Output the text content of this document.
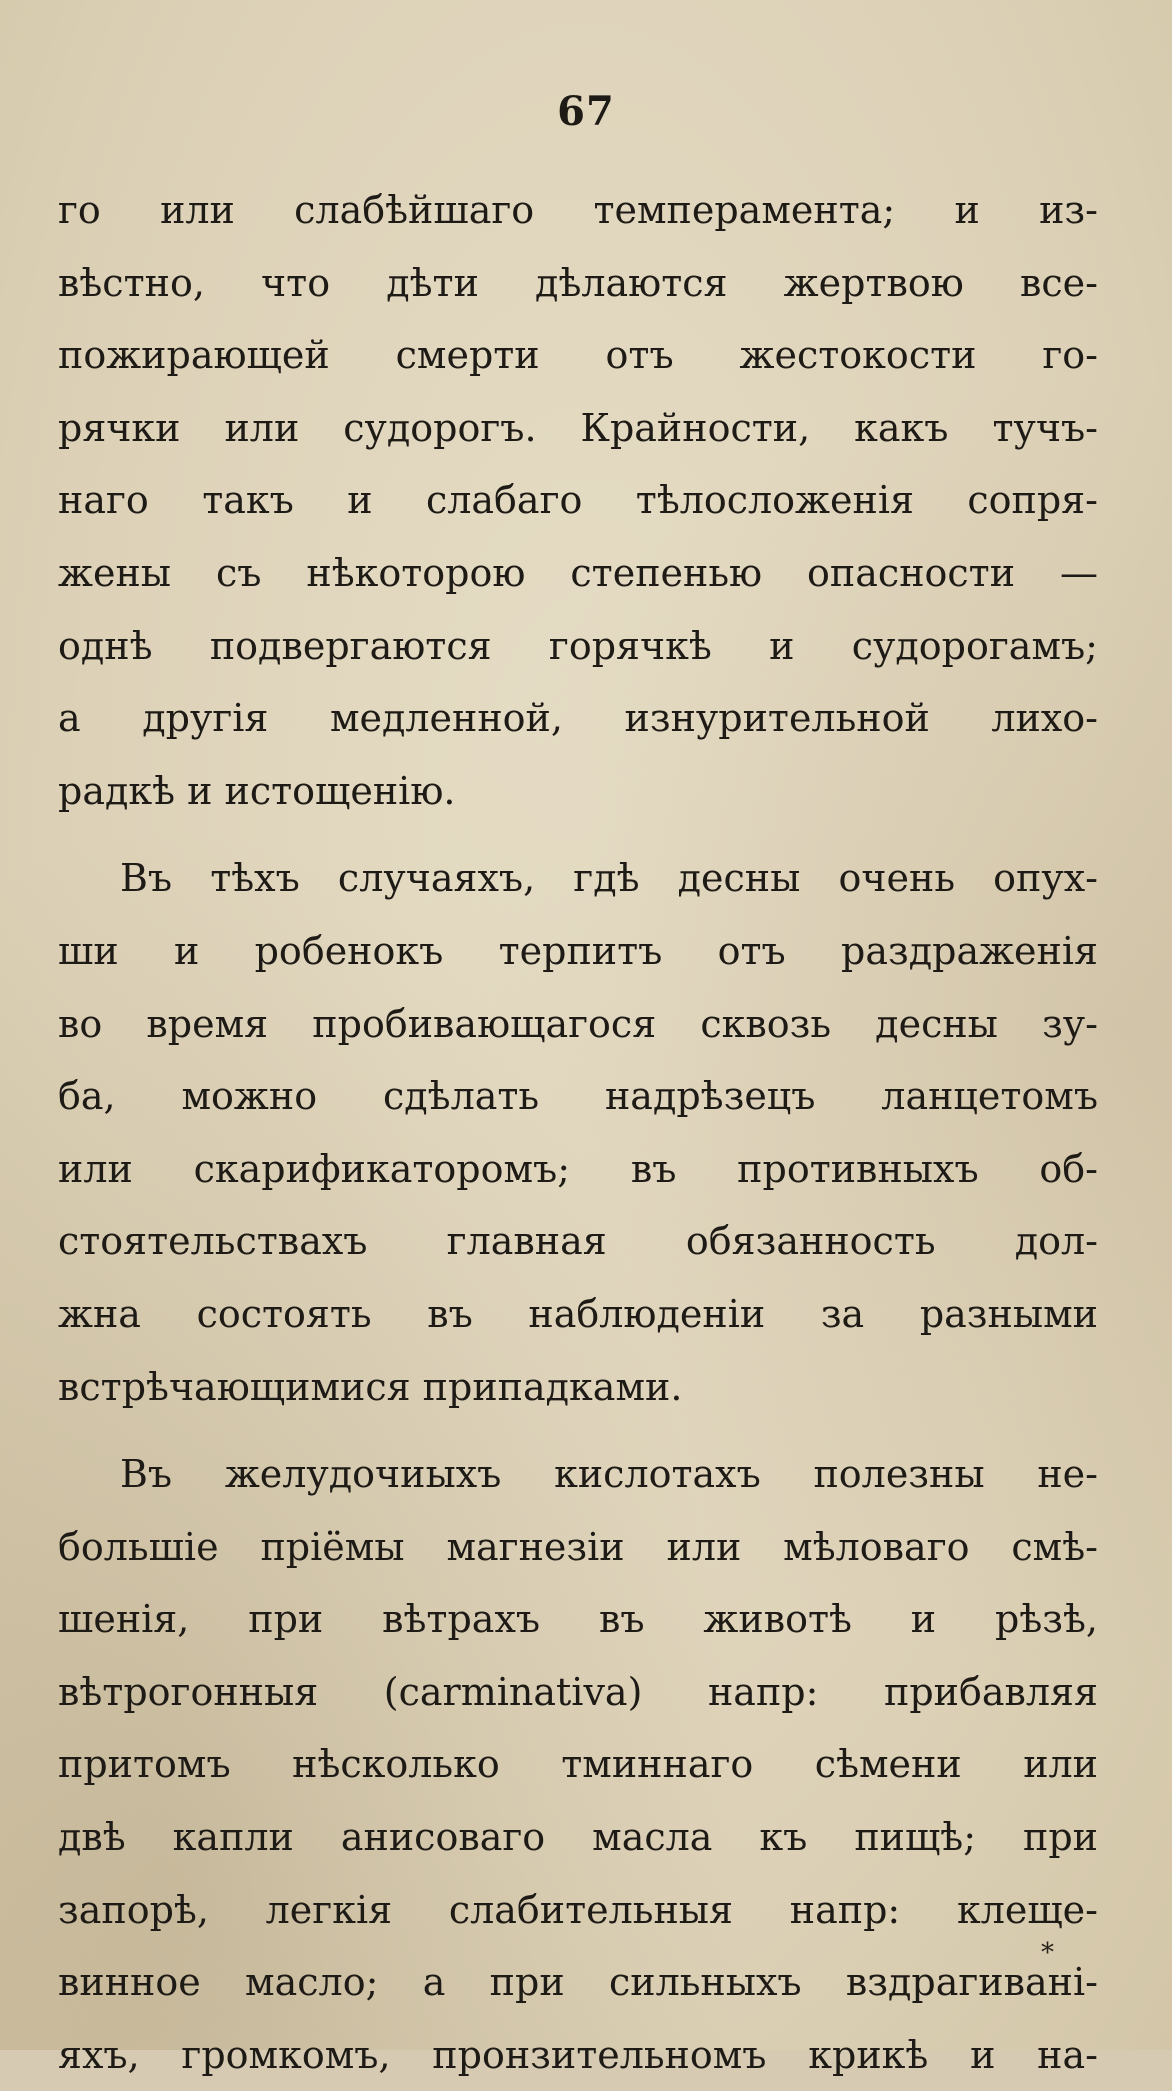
67
го или слабѣйшаго темперамента; и из-
вѣстно, что дѣти дѣлаются жертвою все-
пожирающей смерти отъ жестокости го-
рячки или судорогъ. Крайности, какъ тучъ-
наго такъ и слабаго тѣлосложенія сопря-
жены съ нѣкоторою степенью опасности —
однѣ подвергаются горячкѣ и судорогамъ;
а другія медленной, изнурительной лихо-
радкѣ и истощенію.
Въ тѣхъ случаяхъ, гдѣ десны очень опух-
ши и робенокъ терпитъ отъ раздраженія
во время пробивающагося сквозь десны зу-
ба, можно сдѣлать надрѣзецъ ланцетомъ
или скарификаторомъ; въ противныхъ об-
стоятельствахъ главная обязанность дол-
жна состоять въ наблюденіи за разными
встрѣчающимися припадками.
Въ желудочиыхъ кислотахъ полезны не-
большіе пріёмы магнезіи или мѣловаго смѣ-
шенія, при вѣтрахъ въ животѣ и рѣзѣ,
вѣтрогонныя (carminativa) напр: прибавляя
притомъ нѣсколько тминнаго сѣмени или
двѣ капли анисоваго масла къ пищѣ; при
запорѣ, легкія слабительныя напр: клеще-
винное масло; а при сильныхъ вздрагивані-
яхъ, громкомъ, пронзительномъ крикѣ и на-
*
